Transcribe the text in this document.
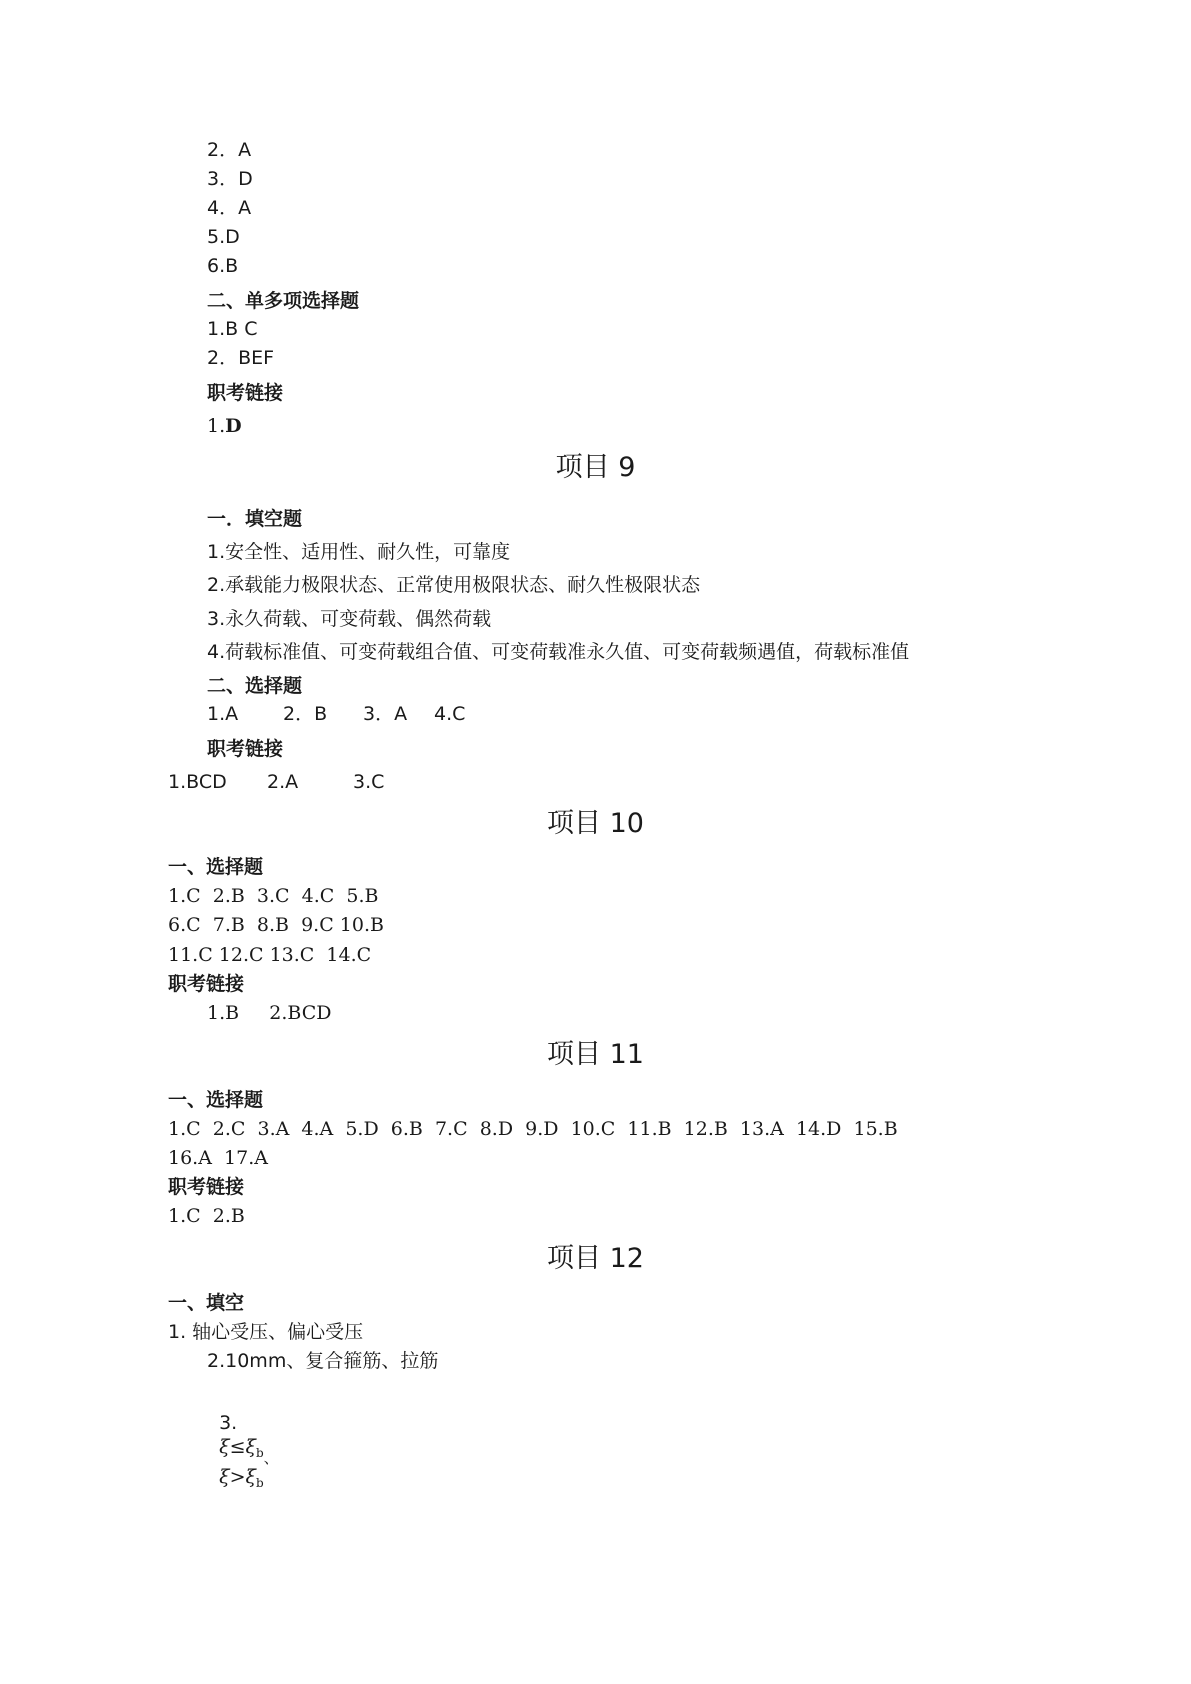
2．A
3．D
4．A
5.D
6.B
二、单多项选择题
1.B C
2．BEF
职考链接
1.D
项目 9
一．填空题
1.安全性、适用性、耐久性，可靠度
2.承载能力极限状态、正常使用极限状态、耐久性极限状态
3.永久荷载、可变荷载、偶然荷载
4.荷载标准值、可变荷载组合值、可变荷载准永久值、可变荷载频遇值，荷载标准值
二、选择题
1.A 2．B 3．A 4.C
职考链接
1.BCD 2.A	3.C
项目 10
一、选择题
1.C  2.B  3.C  4.C  5.B
6.C  7.B  8.B  9.C 10.B
11.C 12.C 13.C  14.C
职考链接
1.B     2.BCD
项目 11
一、选择题
1.C  2.C  3.A  4.A  5.D  6.B  7.C  8.D  9.D  10.C  11.B  12.B  13.A  14.D  15.B
16.A  17.A
职考链接
1.C  2.B
项目 12
一、填空
1. 轴心受压、偏心受压
2.10mm、复合箍筋、拉筋

3.
$\xi\le\xi_{b、}$
$\xi>\xi_b$
